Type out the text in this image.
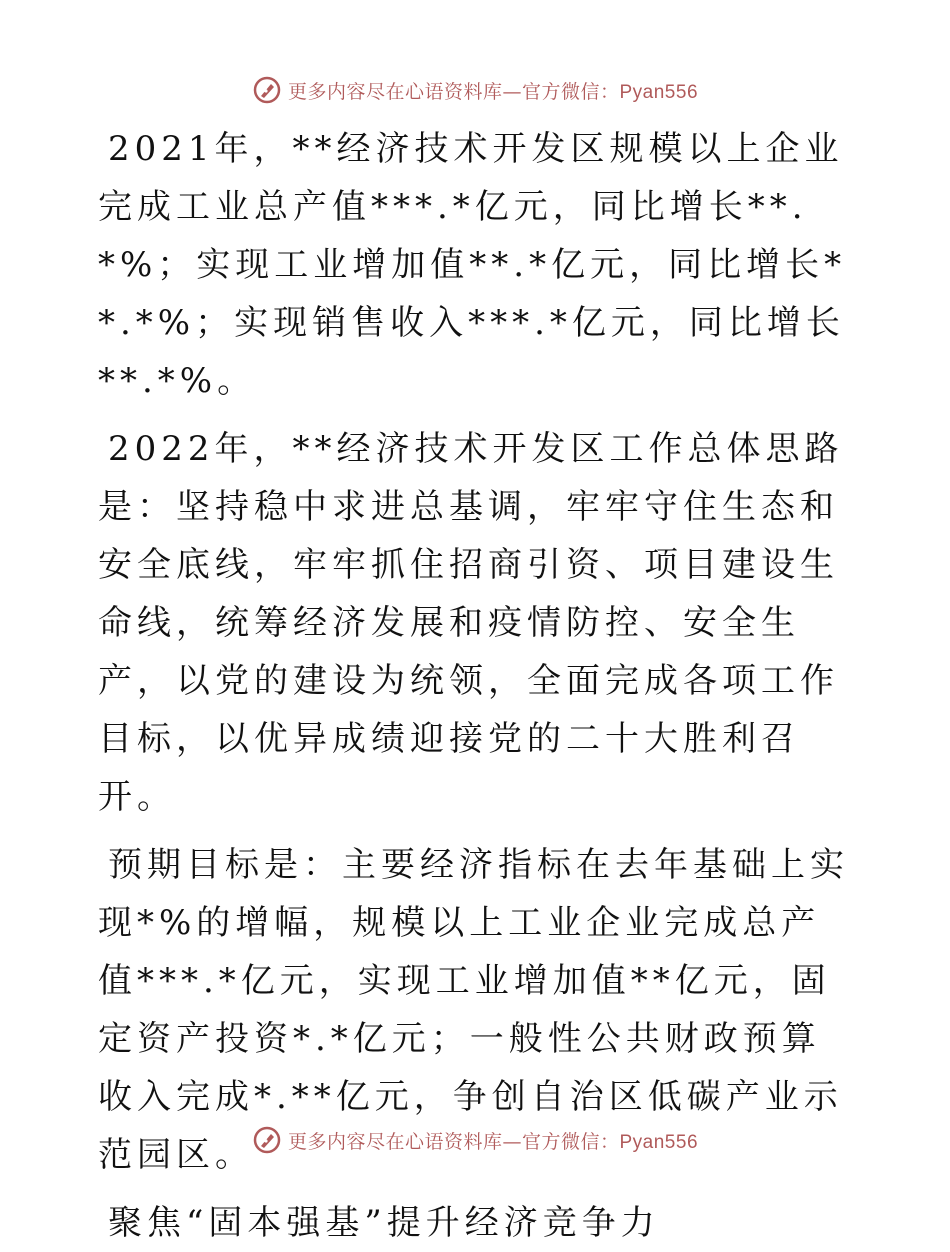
更多内容尽在心语资料库—官方微信：Pyan556

2021年，**经济技术开发区规模以上企业完成工业总产值***.*亿元，同比增长**.*%；实现工业增加值**.*亿元，同比增长**.*%；实现销售收入***.*亿元，同比增长**.*%。

2022年，**经济技术开发区工作总体思路是：坚持稳中求进总基调，牢牢守住生态和安全底线，牢牢抓住招商引资、项目建设生命线，统筹经济发展和疫情防控、安全生产，以党的建设为统领，全面完成各项工作目标，以优异成绩迎接党的二十大胜利召开。

预期目标是：主要经济指标在去年基础上实现*%的增幅，规模以上工业企业完成总产值***.*亿元，实现工业增加值**亿元，固定资产投资*.*亿元；一般性公共财政预算收入完成*.**亿元，争创自治区低碳产业示范园区。

聚焦“固本强基”提升经济竞争力

更多内容尽在心语资料库—官方微信：Pyan556
